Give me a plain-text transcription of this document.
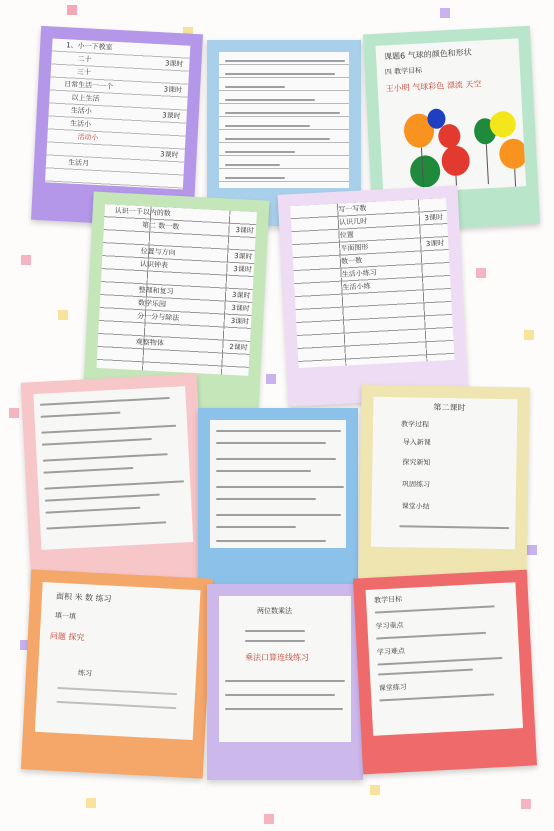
1、小一下教室
二十
三十
日常生活一一个
以上生活
生活小
生活小
活动小
生活月
3课时
3课时
3课时
3课时
课题6 气球的颜色和形状
四 教学目标
王小明 气球彩色 漂流 天空
认识一千以内的数
第二 数一数
位置与方向
认识钟表
整理和复习
数学乐园
分一分与除法
观察物体
3课时
3课时
3课时
3课时
3课时
3课时
2课时
写一写数
认识几时
位置
平面图形
数一数
生活小练习
生活小练
3课时
3课时
第二课时
教学过程
导入新课
探究新知
巩固练习
课堂小结
面积 米 数 练习
填一填
问题 探究
练习
两位数乘法
乘法口算连线练习
教学目标
学习重点
学习难点
课堂练习
